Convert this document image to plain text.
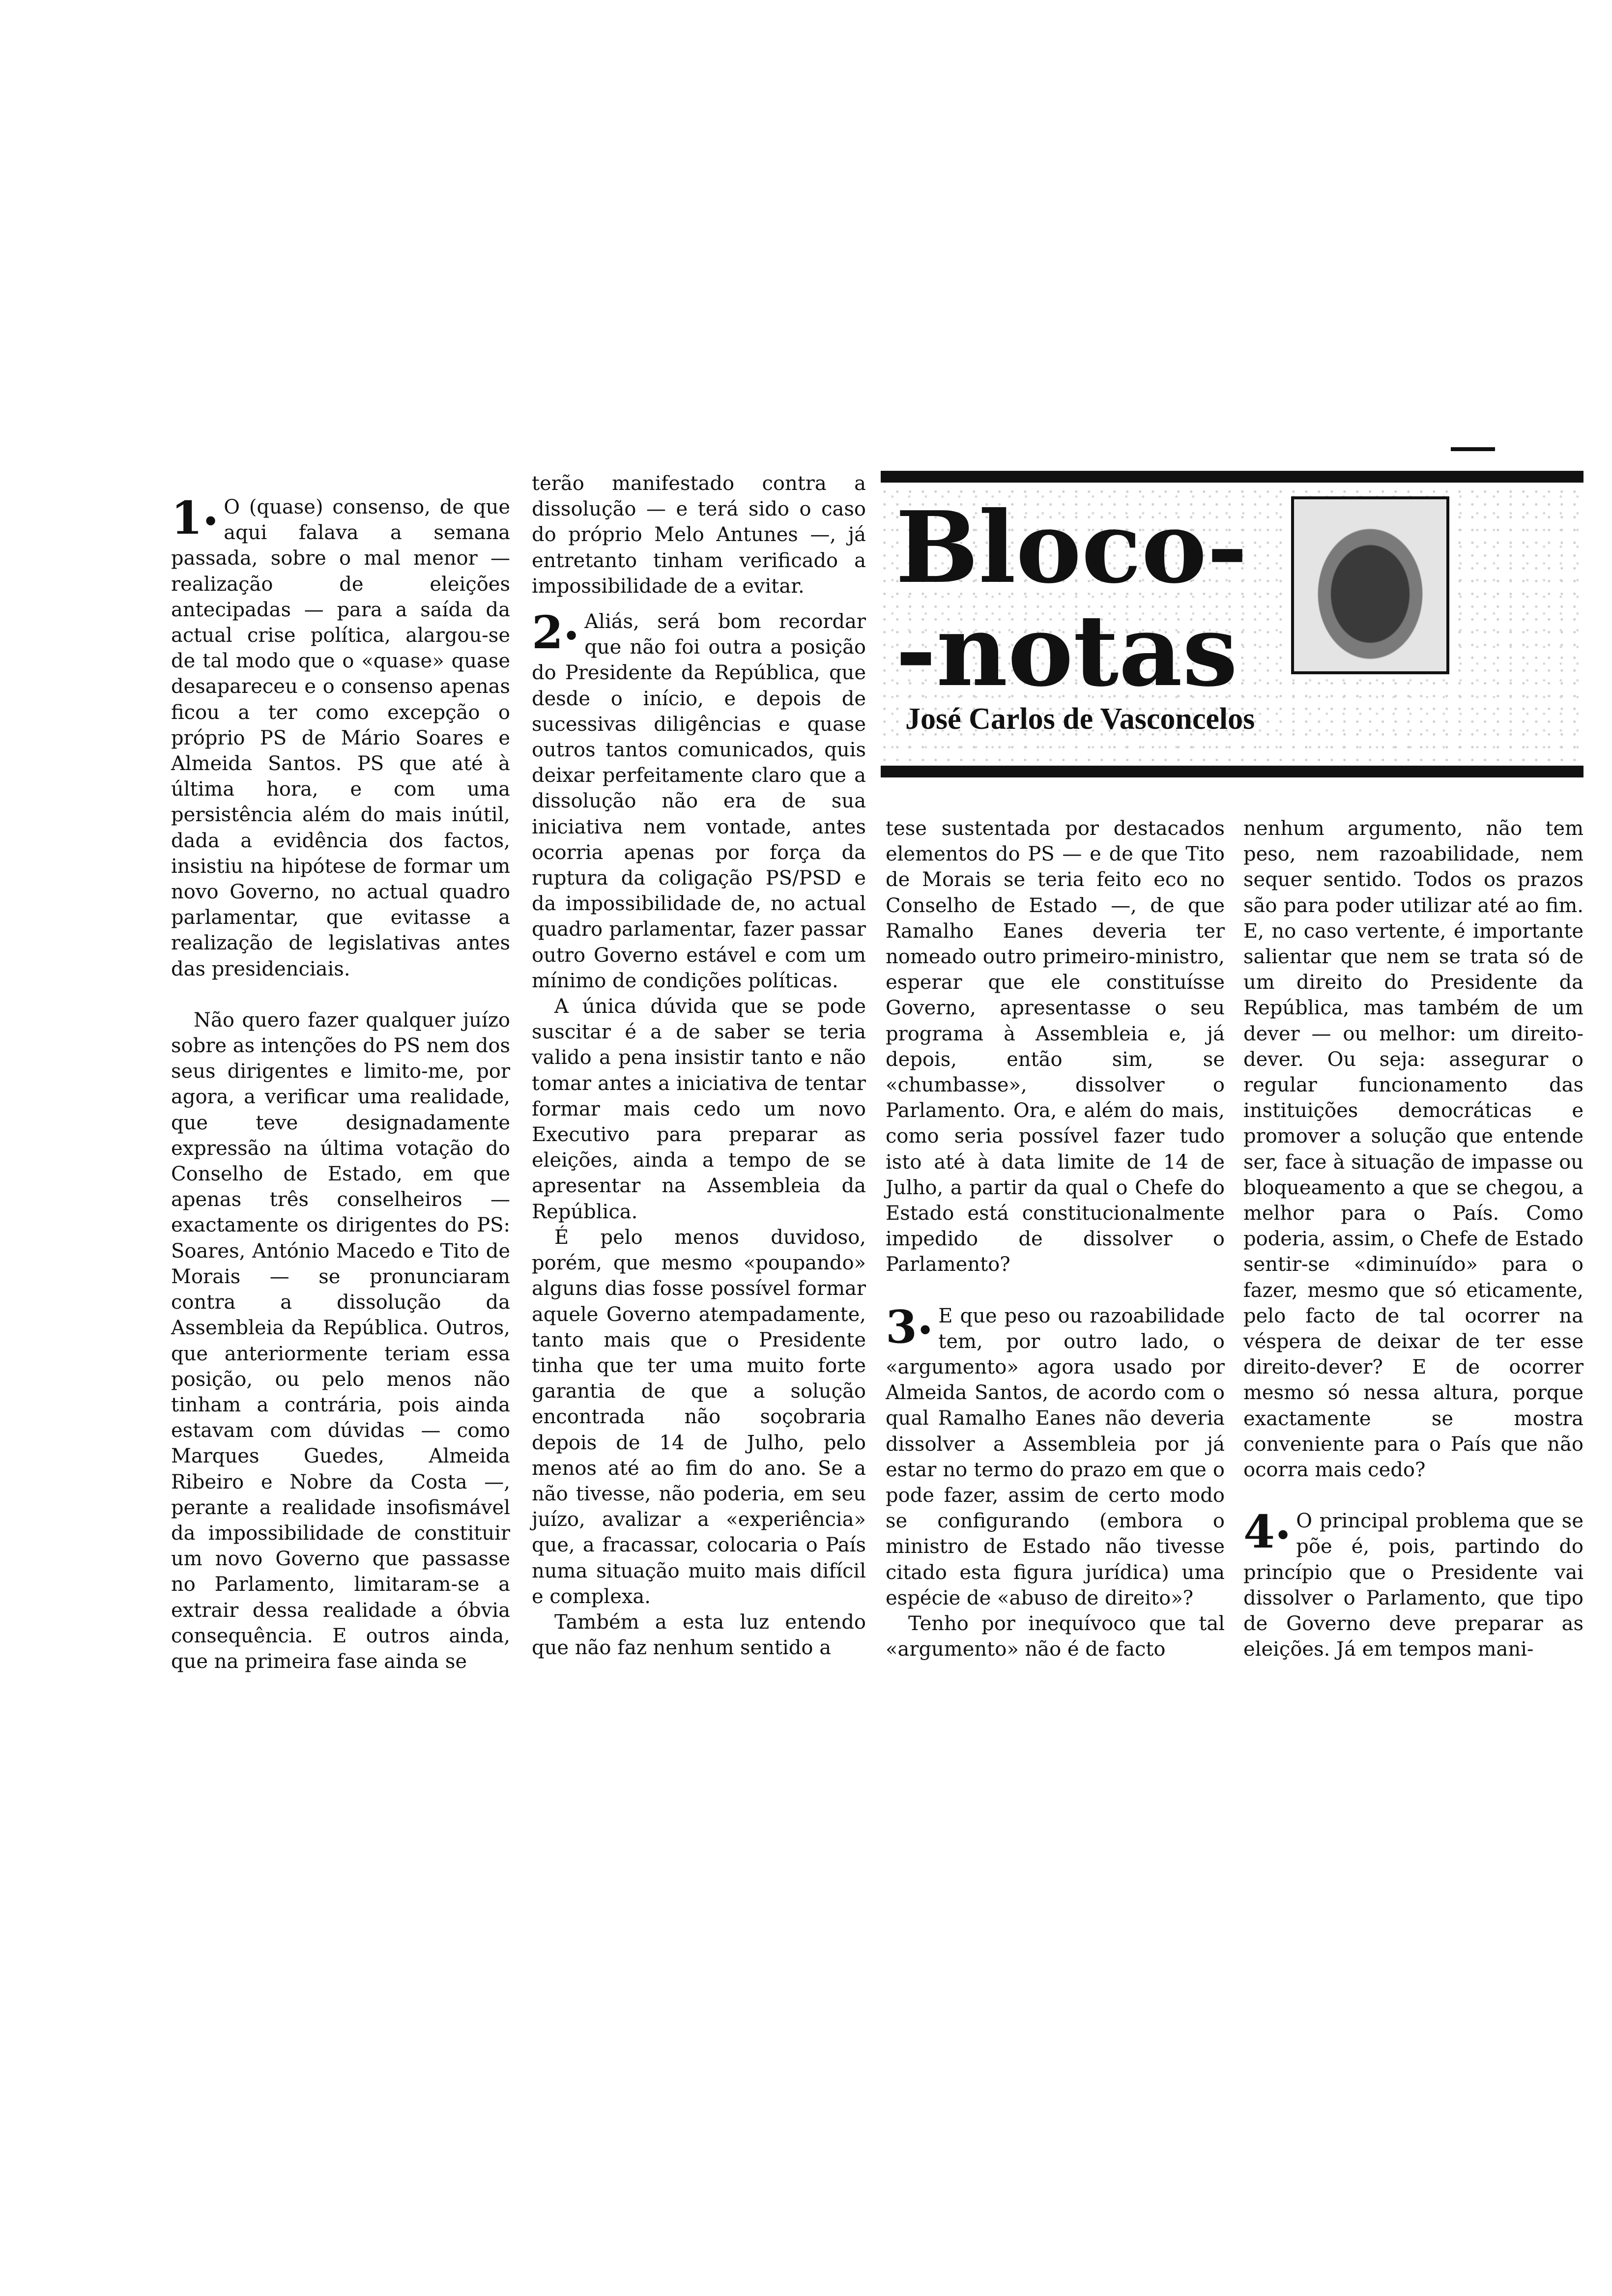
Bloco-
-notas
José Carlos de Vasconcelos

1• O (quase) consenso, de que aqui falava a semana passada, sobre o mal menor — realização de eleições antecipadas — para a saída da actual crise política, alargou-se de tal modo que o «quase» quase desapareceu e o consenso apenas ficou a ter como excepção o próprio PS de Mário Soares e Almeida Santos. PS que até à última hora, e com uma persistência além do mais inútil, dada a evidência dos factos, insistiu na hipótese de formar um novo Governo, no actual quadro parlamentar, que evitasse a realização de legislativas antes das presidenciais.

Não quero fazer qualquer juízo sobre as intenções do PS nem dos seus dirigentes e limito-me, por agora, a verificar uma realidade, que teve designadamente expressão na última votação do Conselho de Estado, em que apenas três conselheiros — exactamente os dirigentes do PS: Soares, António Macedo e Tito de Morais — se pronunciaram contra a dissolução da Assembleia da República. Outros, que anteriormente teriam essa posição, ou pelo menos não tinham a contrária, pois ainda estavam com dúvidas — como Marques Guedes, Almeida Ribeiro e Nobre da Costa —, perante a realidade insofismável da impossibilidade de constituir um novo Governo que passasse no Parlamento, limitaram-se a extrair dessa realidade a óbvia consequência. E outros ainda, que na primeira fase ainda se

terão manifestado contra a dissolução — e terá sido o caso do próprio Melo Antunes —, já entretanto tinham verificado a impossibilidade de a evitar.

2• Aliás, será bom recordar que não foi outra a posição do Presidente da República, que desde o início, e depois de sucessivas diligências e quase outros tantos comunicados, quis deixar perfeitamente claro que a dissolução não era de sua iniciativa nem vontade, antes ocorria apenas por força da ruptura da coligação PS/PSD e da impossibilidade de, no actual quadro parlamentar, fazer passar outro Governo estável e com um mínimo de condições políticas.

A única dúvida que se pode suscitar é a de saber se teria valido a pena insistir tanto e não tomar antes a iniciativa de tentar formar mais cedo um novo Executivo para preparar as eleições, ainda a tempo de se apresentar na Assembleia da República.

É pelo menos duvidoso, porém, que mesmo «poupando» alguns dias fosse possível formar aquele Governo atempadamente, tanto mais que o Presidente tinha que ter uma muito forte garantia de que a solução encontrada não soçobraria depois de 14 de Julho, pelo menos até ao fim do ano. Se a não tivesse, não poderia, em seu juízo, avalizar a «experiência» que, a fracassar, colocaria o País numa situação muito mais difícil e complexa.

Também a esta luz entendo que não faz nenhum sentido a

tese sustentada por destacados elementos do PS — e de que Tito de Morais se teria feito eco no Conselho de Estado —, de que Ramalho Eanes deveria ter nomeado outro primeiro-ministro, esperar que ele constituísse Governo, apresentasse o seu programa à Assembleia e, já depois, então sim, se «chumbasse», dissolver o Parlamento. Ora, e além do mais, como seria possível fazer tudo isto até à data limite de 14 de Julho, a partir da qual o Chefe do Estado está constitucionalmente impedido de dissolver o Parlamento?

3• E que peso ou razoabilidade tem, por outro lado, o «argumento» agora usado por Almeida Santos, de acordo com o qual Ramalho Eanes não deveria dissolver a Assembleia por já estar no termo do prazo em que o pode fazer, assim de certo modo se configurando (embora o ministro de Estado não tivesse citado esta figura jurídica) uma espécie de «abuso de direito»?

Tenho por inequívoco que tal «argumento» não é de facto

nenhum argumento, não tem peso, nem razoabilidade, nem sequer sentido. Todos os prazos são para poder utilizar até ao fim. E, no caso vertente, é importante salientar que nem se trata só de um direito do Presidente da República, mas também de um dever — ou melhor: um direito-dever. Ou seja: assegurar o regular funcionamento das instituições democráticas e promover a solução que entende ser, face à situação de impasse ou bloqueamento a que se chegou, a melhor para o País. Como poderia, assim, o Chefe de Estado sentir-se «diminuído» para o fazer, mesmo que só eticamente, pelo facto de tal ocorrer na véspera de deixar de ter esse direito-dever? E de ocorrer mesmo só nessa altura, porque exactamente se mostra conveniente para o País que não ocorra mais cedo?

4• O principal problema que se põe é, pois, partindo do princípio que o Presidente vai dissolver o Parlamento, que tipo de Governo deve preparar as eleições. Já em tempos mani-
